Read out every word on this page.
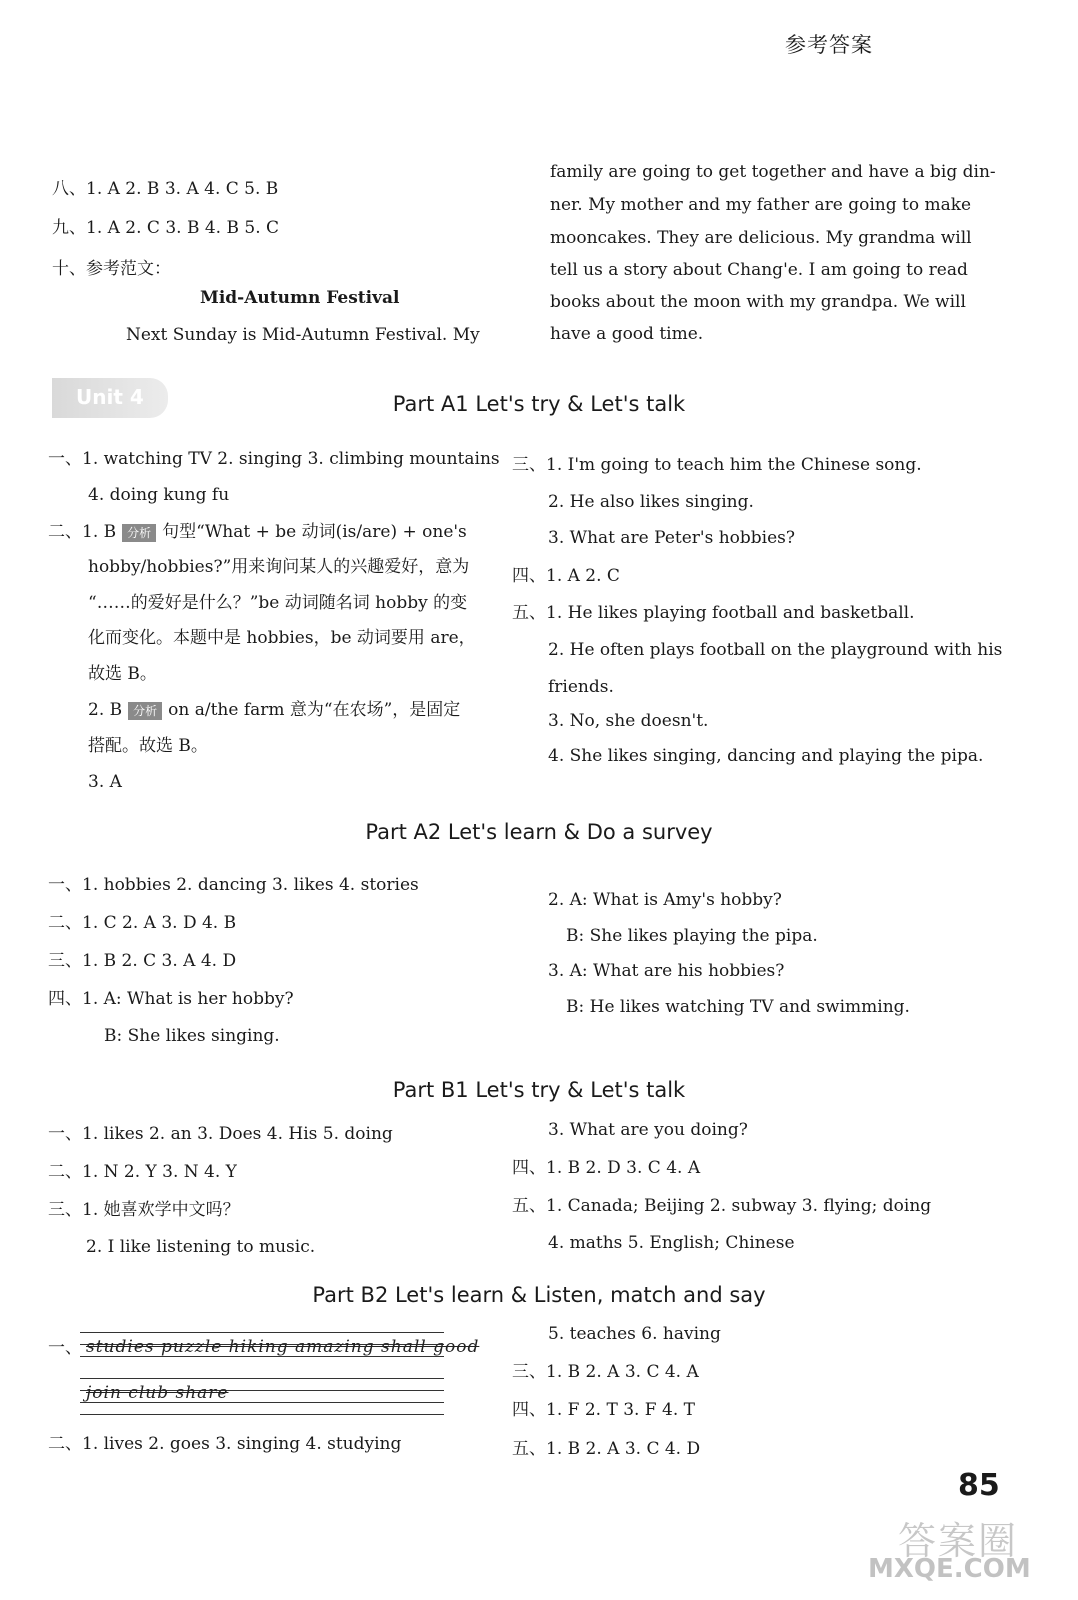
参考答案
八、1. A 2. B 3. A 4. C 5. B
九、1. A 2. C 3. B 4. B 5. C
十、参考范文：
Mid-Autumn Festival
Next Sunday is Mid-Autumn Festival. My
family are going to get together and have a big din-
ner. My mother and my father are going to make
mooncakes. They are delicious. My grandma will
tell us a story about Chang'e. I am going to read
books about the moon with my grandpa. We will
have a good time.
Unit 4	Part A1 Let's try & Let's talk
一、1. watching TV 2. singing 3. climbing mountains
4. doing kung fu
二、1. B 分析 句型“What + be 动词(is/are) + one's
hobby/hobbies?”用来询问某人的兴趣爱好，意为
“……的爱好是什么？”be 动词随名词 hobby 的变
化而变化。本题中是 hobbies，be 动词要用 are，
故选 B。
2. B 分析 on a/the farm 意为“在农场”，是固定
搭配。故选 B。
3. A
三、1. I'm going to teach him the Chinese song.
2. He also likes singing.
3. What are Peter's hobbies?
四、1. A 2. C
五、1. He likes playing football and basketball.
2. He often plays football on the playground with his
friends.
3. No, she doesn't.
4. She likes singing, dancing and playing the pipa.
Part A2 Let's learn & Do a survey
一、1. hobbies 2. dancing 3. likes 4. stories
二、1. C 2. A 3. D 4. B
三、1. B 2. C 3. A 4. D
四、1. A: What is her hobby?
B: She likes singing.
2. A: What is Amy's hobby?
B: She likes playing the pipa.
3. A: What are his hobbies?
B: He likes watching TV and swimming.
Part B1 Let's try & Let's talk
一、1. likes 2. an 3. Does 4. His 5. doing
二、1. N 2. Y 3. N 4. Y
三、1. 她喜欢学中文吗？
2. I like listening to music.
3. What are you doing?
四、1. B 2. D 3. C 4. A
五、1. Canada; Beijing 2. subway 3. flying; doing
4. maths 5. English; Chinese
Part B2 Let's learn & Listen, match and say
一、 studies puzzle hiking amazing shall good
join club share
二、1. lives 2. goes 3. singing 4. studying
5. teaches 6. having
三、1. B 2. A 3. C 4. A
四、1. F 2. T 3. F 4. T
五、1. B 2. A 3. C 4. D
85
答案圈
MXQE.COM
